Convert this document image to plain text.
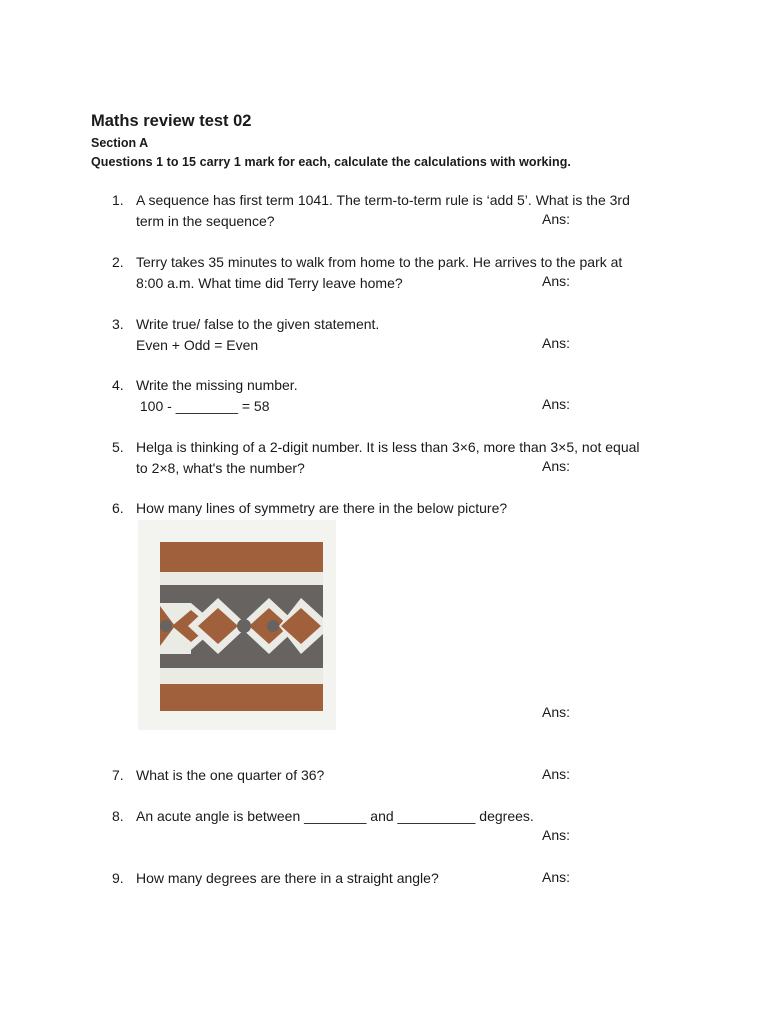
Maths review test 02
Section A
Questions 1 to 15 carry 1 mark for each, calculate the calculations with working.
1. A sequence has first term 1041. The term-to-term rule is ‘add 5’. What is the 3rd
term in the sequence?	Ans:
2. Terry takes 35 minutes to walk from home to the park. He arrives to the park at
8:00 a.m. What time did Terry leave home?	Ans:
3. Write true/ false to the given statement.
Even + Odd = Even	Ans:
4. Write the missing number.
100 - ________ = 58	Ans:
5. Helga is thinking of a 2-digit number. It is less than 3×6, more than 3×5, not equal
to 2×8, what's the number?	Ans:
6. How many lines of symmetry are there in the below picture?
Ans:
7. What is the one quarter of 36?	Ans:
8. An acute angle is between ________ and __________ degrees.
Ans:
9. How many degrees are there in a straight angle?	Ans:
